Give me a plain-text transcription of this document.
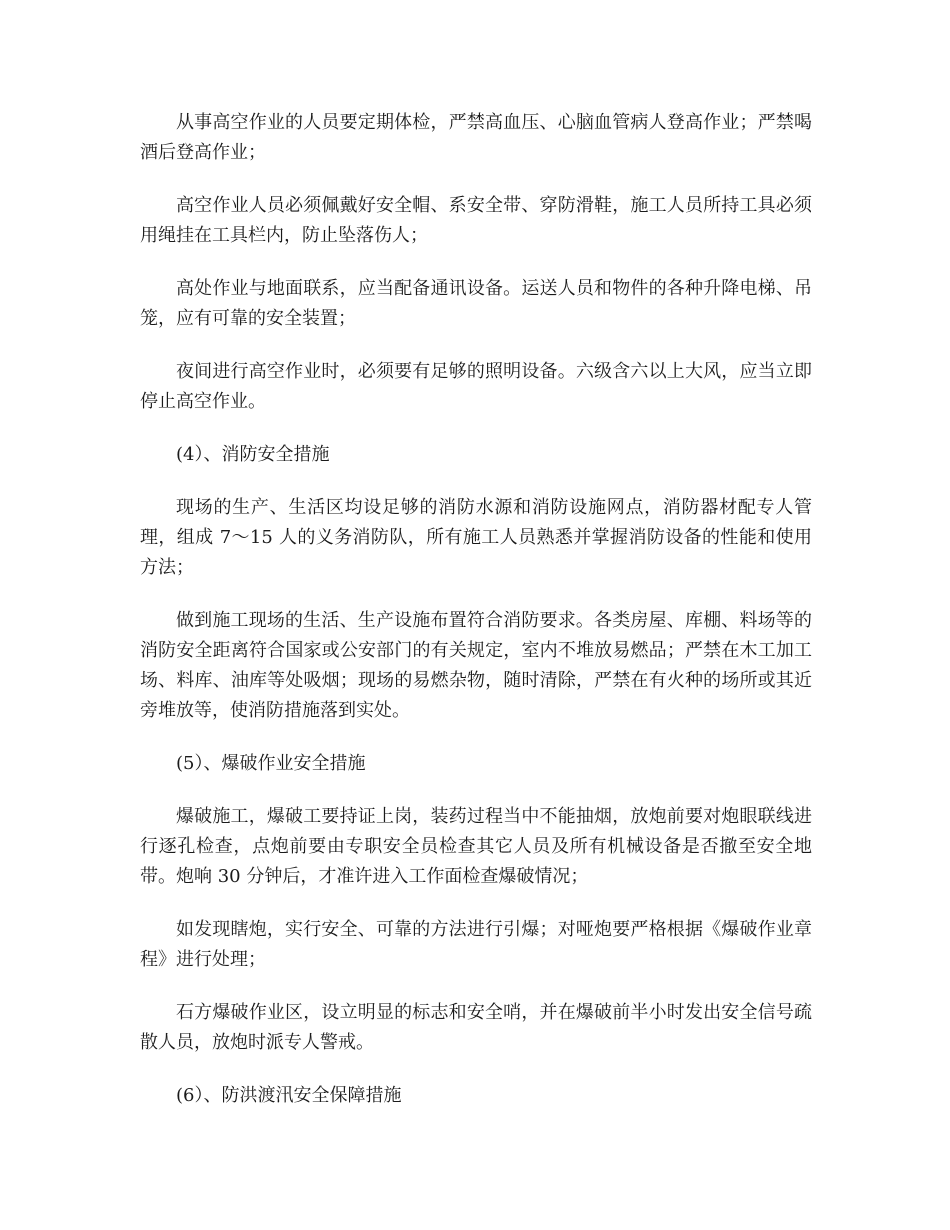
从事高空作业的人员要定期体检，严禁高血压、心脑血管病人登高作业；严禁喝酒后登高作业；

高空作业人员必须佩戴好安全帽、系安全带、穿防滑鞋，施工人员所持工具必须用绳挂在工具栏内，防止坠落伤人；

高处作业与地面联系，应当配备通讯设备。运送人员和物件的各种升降电梯、吊笼，应有可靠的安全装置；

夜间进行高空作业时，必须要有足够的照明设备。六级含六以上大风，应当立即停止高空作业。

(4）、消防安全措施

现场的生产、生活区均设足够的消防水源和消防设施网点，消防器材配专人管理，组成 7～15 人的义务消防队，所有施工人员熟悉并掌握消防设备的性能和使用方法；

做到施工现场的生活、生产设施布置符合消防要求。各类房屋、库棚、料场等的消防安全距离符合国家或公安部门的有关规定，室内不堆放易燃品；严禁在木工加工场、料库、油库等处吸烟；现场的易燃杂物，随时清除，严禁在有火种的场所或其近旁堆放等，使消防措施落到实处。

(5）、爆破作业安全措施

爆破施工，爆破工要持证上岗，装药过程当中不能抽烟，放炮前要对炮眼联线进行逐孔检查，点炮前要由专职安全员检查其它人员及所有机械设备是否撤至安全地带。炮响 30 分钟后，才准许进入工作面检查爆破情况；

如发现瞎炮，实行安全、可靠的方法进行引爆；对哑炮要严格根据《爆破作业章程》进行处理；

石方爆破作业区，设立明显的标志和安全哨，并在爆破前半小时发出安全信号疏散人员，放炮时派专人警戒。

(6）、防洪渡汛安全保障措施
